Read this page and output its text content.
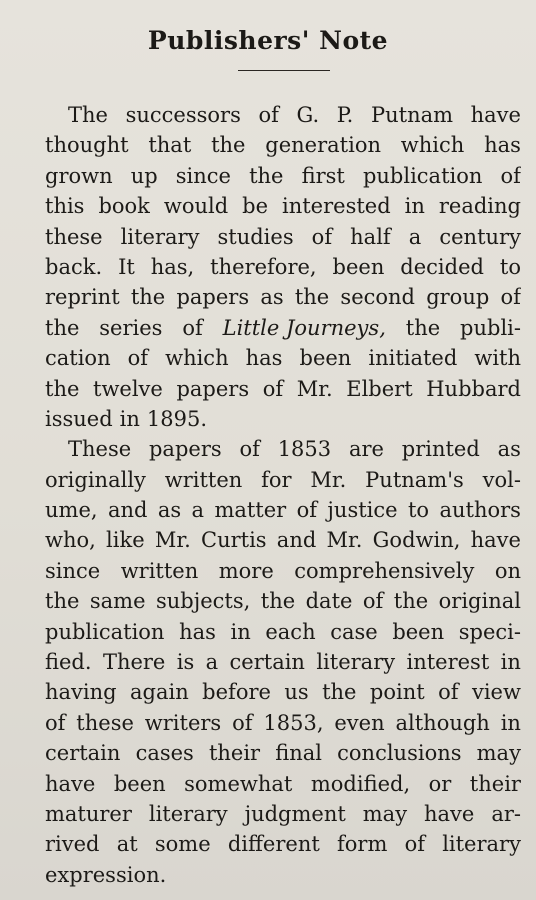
Publishers' Note
The successors of G. P. Putnam have
thought that the generation which has
grown up since the first publication of
this book would be interested in reading
these literary studies of half a century
back. It has, therefore, been decided to
reprint the papers as the second group of
the series of Little Journeys, the publi-
cation of which has been initiated with
the twelve papers of Mr. Elbert Hubbard
issued in 1895.
These papers of 1853 are printed as
originally written for Mr. Putnam's vol-
ume, and as a matter of justice to authors
who, like Mr. Curtis and Mr. Godwin, have
since written more comprehensively on
the same subjects, the date of the original
publication has in each case been speci-
fied. There is a certain literary interest in
having again before us the point of view
of these writers of 1853, even although in
certain cases their final conclusions may
have been somewhat modified, or their
maturer literary judgment may have ar-
rived at some different form of literary
expression.
